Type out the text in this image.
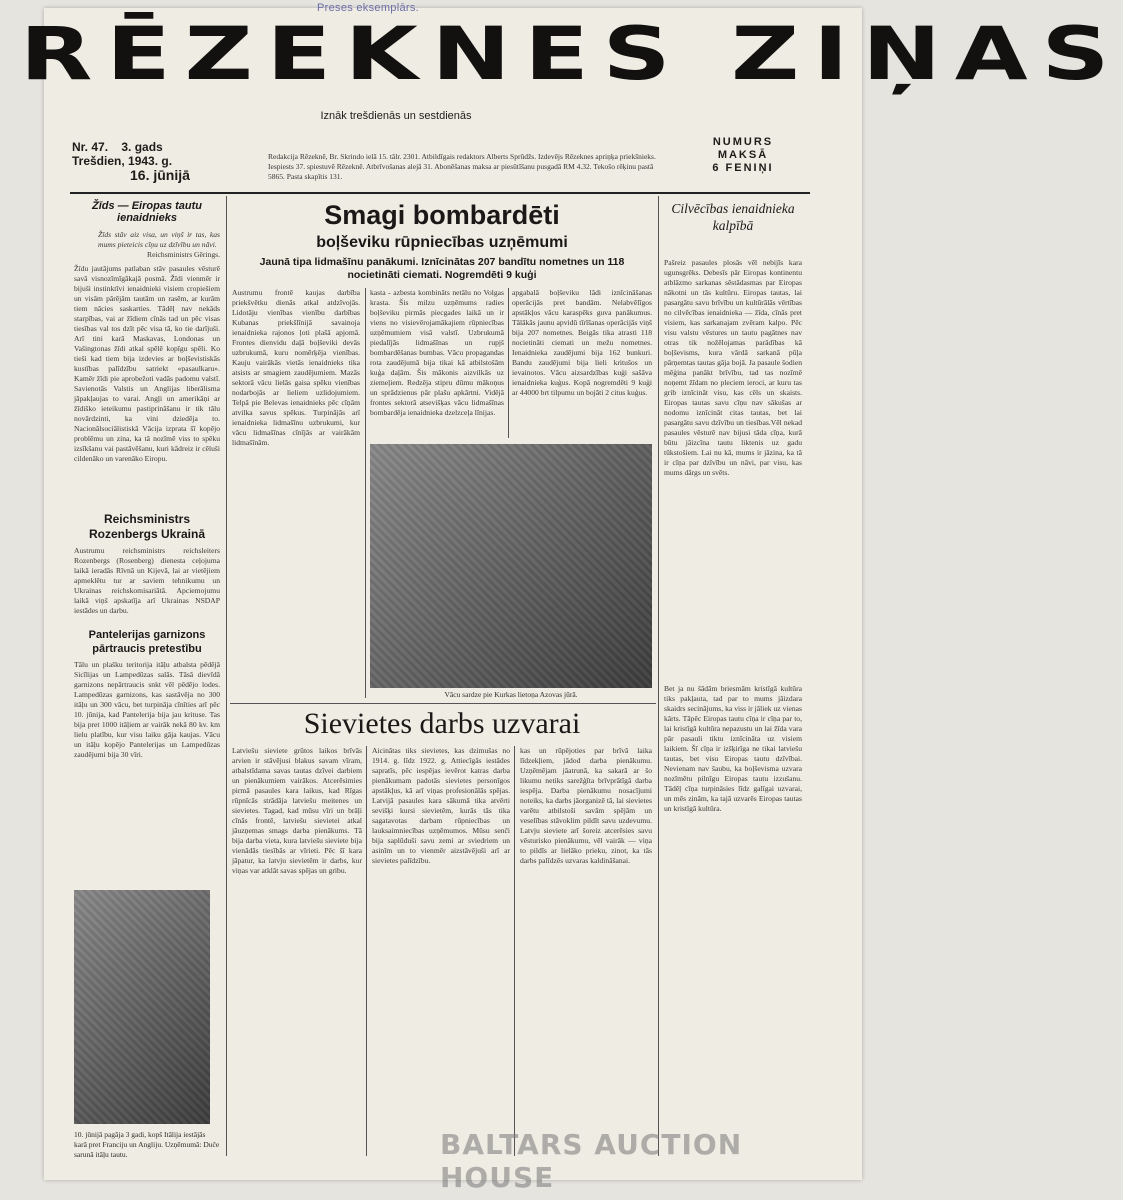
Preses eksemplārs.
RĒZEKNES ZIŅAS
Iznāk trešdienās un sestdienās
Nr. 47. 3. gads
Trešdien, 1943. g.
16. jūnijā
Redakcija Rēzeknē, Br. Skrindo ielā 15. tālr. 2301. Atbildīgais redaktors Alberts Sprūdžs. Izdevējs Rēzeknes apriņķa priekšnieks. Iespiests 37. spiestuvē Rēzeknē. Atbrīvošanas alejā 31. Abonēšanas maksa ar piesūtīšanu pusgadā RM 4.32. Tekošo rēķinu pastā 5865. Pasta skapītis 131.
NUMURS
MAKSĀ
6 FENIŅI
Žīds — Eiropas tautu ienaidnieks
Žīds stāv aiz visa, un viņš ir tas, kas mums pieteicis cīņu uz dzīvību un nāvi.
Reichsministrs Gērings.
Žīdu jautājums patlaban stāv pasaules vēsturē savā visnozīmīgākajā posmā. Žīdi vienmēr ir bijuši instinktīvi ienaidnieki visiem cropiešiem un visām pārējām tautām un rasēm, ar kurām tiem nācies saskarties. Tādēļ nav nekāds starpības, vai ar žīdiem cīnās tad un pēc visas tiesības val tos dzīt pēc visa tā, ko tie darījuši. Arī tini karā Maskavas, Londonas un Vašingtonas žīdi atkal spēlē kopīgu spēli. Ko tieši kad tiem bija izdevies ar boļševistiskās kustības palīdzību satriekt «pasaulkaru». Kamēr žīdi pie aprobežoti vadās padomu valstī. Savienotās Valstis un Anglijas liberālisma jāpakļaujas to varai. Angļi un amerikāņi ar žīdiško ieteikumu pastiprināšanu ir tik tālu novārdzinti, ka vini dziedēja to. Nacionālsociālistiskā Vācija izprata šī kopējo problēmu un zina, ka tā nozīmē viss to spēku izsīkšanu vai pastāvēšanu, kuri kādreiz ir cēluši cildenāko un varenāko Eiropu.
Reichsministrs Rozenbergs Ukrainā
Austrumu reichsministrs reichsleiters Rozenbergs (Rosenberg) dienesta ceļojuma laikā ieradās Rīvnā un Kijevā, lai ar vietējiem apmeklētu tur ar saviem tehnikumu un Ukrainas reichskomisariātā. Apciemojumu laikā viņš apskatīja arī Ukrainas NSDAP iestādes un darbu.
Pantelerijas garnizons pārtraucis pretestību
Tālu un plašku teritorija itāļu atbalsta pēdējā Sicīlijas un Lampedūzas salās. Tāsā dievīdā garnizons nepārtraucis snkt vēl pēdējo lodes. Lampedūzas garnizons, kas sastāvēja no 300 itāļu un 300 vācu, bet turpināja cīnīties arī pēc 10. jūnija, kad Pantelerija bija jau krituse. Tas bija pret 1000 itāļiem ar vairāk nekā 80 kv. km lielu platību, kur visu laiku gāja kaujas. Vācu un itāļu kopējo Pantelerijas un Lampedūzas zaudējumi bija 30 vīri.
10. jūnijā pagāja 3 gadi, kopš Itālija iestājās karā pret Franciju un Angliju. Uzņēmumā: Duče sarunā itāļu tautu.
Smagi bombardēti
boļševiku rūpniecības uzņēmumi
Jaunā tipa lidmašīnu panākumi. Iznīcinātas 207 bandītu nometnes un 118 nocietināti ciemati. Nogremdēti 9 kuģi
Austrumu frontē kaujas darbība priekšvētku dienās atkal atdzīvojās. Lidotāju vienības vienību darbības Kubanas priekšlīnijā savainoja ienaidnieka rajonos ļoti plašā apjomā. Frontes dienvidu daļā boļševiki devās uzbrukumā, kuru nomērķēja vienības. Kauju vairākās vietās ienaidnieks tika atsists ar smagiem zaudējumiem. Mazās sektorā vācu lielās gaisa spēku vienības nodarbojās ar lieliem uzlidojumiem. Telpā pie Belevas ienaidnieks pēc cīņām atvilka savus spēkus. Turpinājās arī ienaidnieka lidmašīnu uzbrukumi, kur vācu lidmašīnas cīnījās ar vairākām lidmašīnām.
kasta - azbesta kombināts netālu no Volgas krasta. Šis milzu uzņēmums radies boļševiku pirmās piecgades laikā un ir viens no visievērojamākajiem rūpniecības uzņēmumiem visā valstī. Uzbrukumā piedalījās lidmašīnas un rupjš bombardēšanas bumbas. Vācu propagandas rota zaudējumā bija tikai kā atbilstošām kuģa daļām. Šis mākonis aizvilkās uz ziemeļiem. Redzēja stipru dūmu mākoņus un sprādzienus pār plašu apkārtni. Vidējā frontes sektorā atsevišķas vācu lidmašīnas bombardēja ienaidnieka dzelzceļa līnijas.
apgabalā boļševiku lādi iznīcināšanas operācijās pret bandām. Nelabvēlīgos apstākļos vācu karaspēks guva panākumus. Tālākās jaunu apvidū tīrīšanas operācijās viņš bija 207 nometnes. Beigās tika atrasti 118 nocietināti ciemati un mežu nometnes. Ienaidnieka zaudējumi bija 162 bunkuri. Bandu zaudējumi bija lieli kritušos un ievainotos. Vācu aizsardzības kuģi sašāva ienaidnieka kuģus. Kopā nogremdēti 9 kuģi ar 44000 brt tilpumu un bojāti 2 citus kuģus.
Vācu sardze pie Kurkas lietoņa Azovas jūrā.
Cilvēcības ienaidnieka kalpībā
Pašreiz pasaules plosās vēl nebijīs kara ugunsgrēks. Debesīs pār Eiropas kontinentu atblāzmo sarkanas sēstādasmas par Eiropas nākotni un tās kultūru. Eiropas tautas, lai pasargātu savu brīvību un kultūrālās vērtības no cilvēcības ienaidnieka — žīda, cīnās pret visiem, kas sarkanajam zvēram kalpo. Pēc visu valstu vēstures un tautu pagātnes nav otras tik nožēlojamas parādības kā boļševisms, kura vārdā sarkanā pūļa pārņemtas tautas gāja bojā. Ja pasaule šodien mēģina panākt brīvību, tad tas nozīmē noņemt žīdam no pleciem ieroci, ar kuru tas grib iznīcināt visu, kas cēls un skaists. Eiropas tautas savu cīņu nav sākušas ar nodomu iznīcināt citas tautas, bet lai pasargātu savu dzīvību un tiesības.Vēl nekad pasaules vēsturē nav bijusi tāda cīņa, kurā būtu jāizcīna tautu liktenis uz gadu tūkstošiem. Lai nu kā, mums ir jāzina, ka tā ir cīņa par dzīvību un nāvi, par visu, kas mums dārgs un svēts.
Bet ja nu šādām briesmām kristīgā kultūra tiks pakļauta, tad par to mums jāizdara skaidrs secinājums, ka viss ir jāliek uz vienas kārts. Tāpēc Eiropas tautu cīņa ir cīņa par to, lai kristīgā kultūra nepazustu un lai žīda vara pār pasauli tiktu iznīcināta uz visiem laikiem. Šī cīņa ir izšķirīga ne tikai latviešu tautas, bet visu Eiropas tautu dzīvībai. Nevienam nav šaubu, ka boļševisma uzvara nozīmētu pilnīgu Eiropas tautu izzušanu. Tādēļ cīņa turpināsies līdz galīgai uzvarai, un mēs zinām, ka tajā uzvarēs Eiropas tautas un kristīgā kultūra.
Sievietes darbs uzvarai
Latviešu sieviete grūtos laikos brīvās arvien ir stāvējusi blakus savam vīram, atbalstīdama savas tautas dzīvei darbiem un pienākumiem vairākos. Atcerēsimies pirmā pasaules kara laikus, kad Rīgas rūpnīcās strādāja latviešu meitenes un sievietes. Tagad, kad mūsu vīri un brāļi cīnās frontē, latviešu sievietei atkal jāuzņemas smags darba pienākums. Tā bija darba vieta, kura latviešu sieviete bija vienādās tiesībās ar vīrieti. Pēc šī kara jāpatur, ka latvju sievietēm ir darbs, kur viņas var atklāt savas spējas un gribu.
Aicinātas tiks sievietes, kas dzimušas no 1914. g. līdz 1922. g. Attiecīgās iestādes sapratīs, pēc iespējas ievērot katras darba pienākumam padotās sievietes personīgos apstākļus, kā arī viņas profesionālās spējas. Latvijā pasaules kara sākumā tika atvērti sevišķi kursi sievietēm, kurās tās tika sagatavotas darbam rūpniecības un lauksaimniecības uzņēmumos. Mūsu senči bija saplūduši savu zemi ar sviedriem un asinīm un to vienmēr aizstāvējuši arī ar sievietes palīdzību.
kas un rūpējoties par brīvā laika līdzekļiem, jādod darba pienākumu. Uzņēmējam jāatrunā, ka sakarā ar šo likumu netiks sarežģīta brīvprātīgā darba iespēja. Darba pienākumu nosacījumi noteiks, ka darbs jāorganizē tā, lai sievietes varētu atbilstoši savām spējām un veselības stāvoklim pildīt savu uzdevumu. Latvju sieviete arī šoreiz atcerēsies savu vēsturisko pienākumu, vēl vairāk — viņa to pildīs ar lielāko prieku, zinot, ka tās darbs palīdzēs uzvaras kaldināšanai.
BALTARS AUCTION HOUSE
